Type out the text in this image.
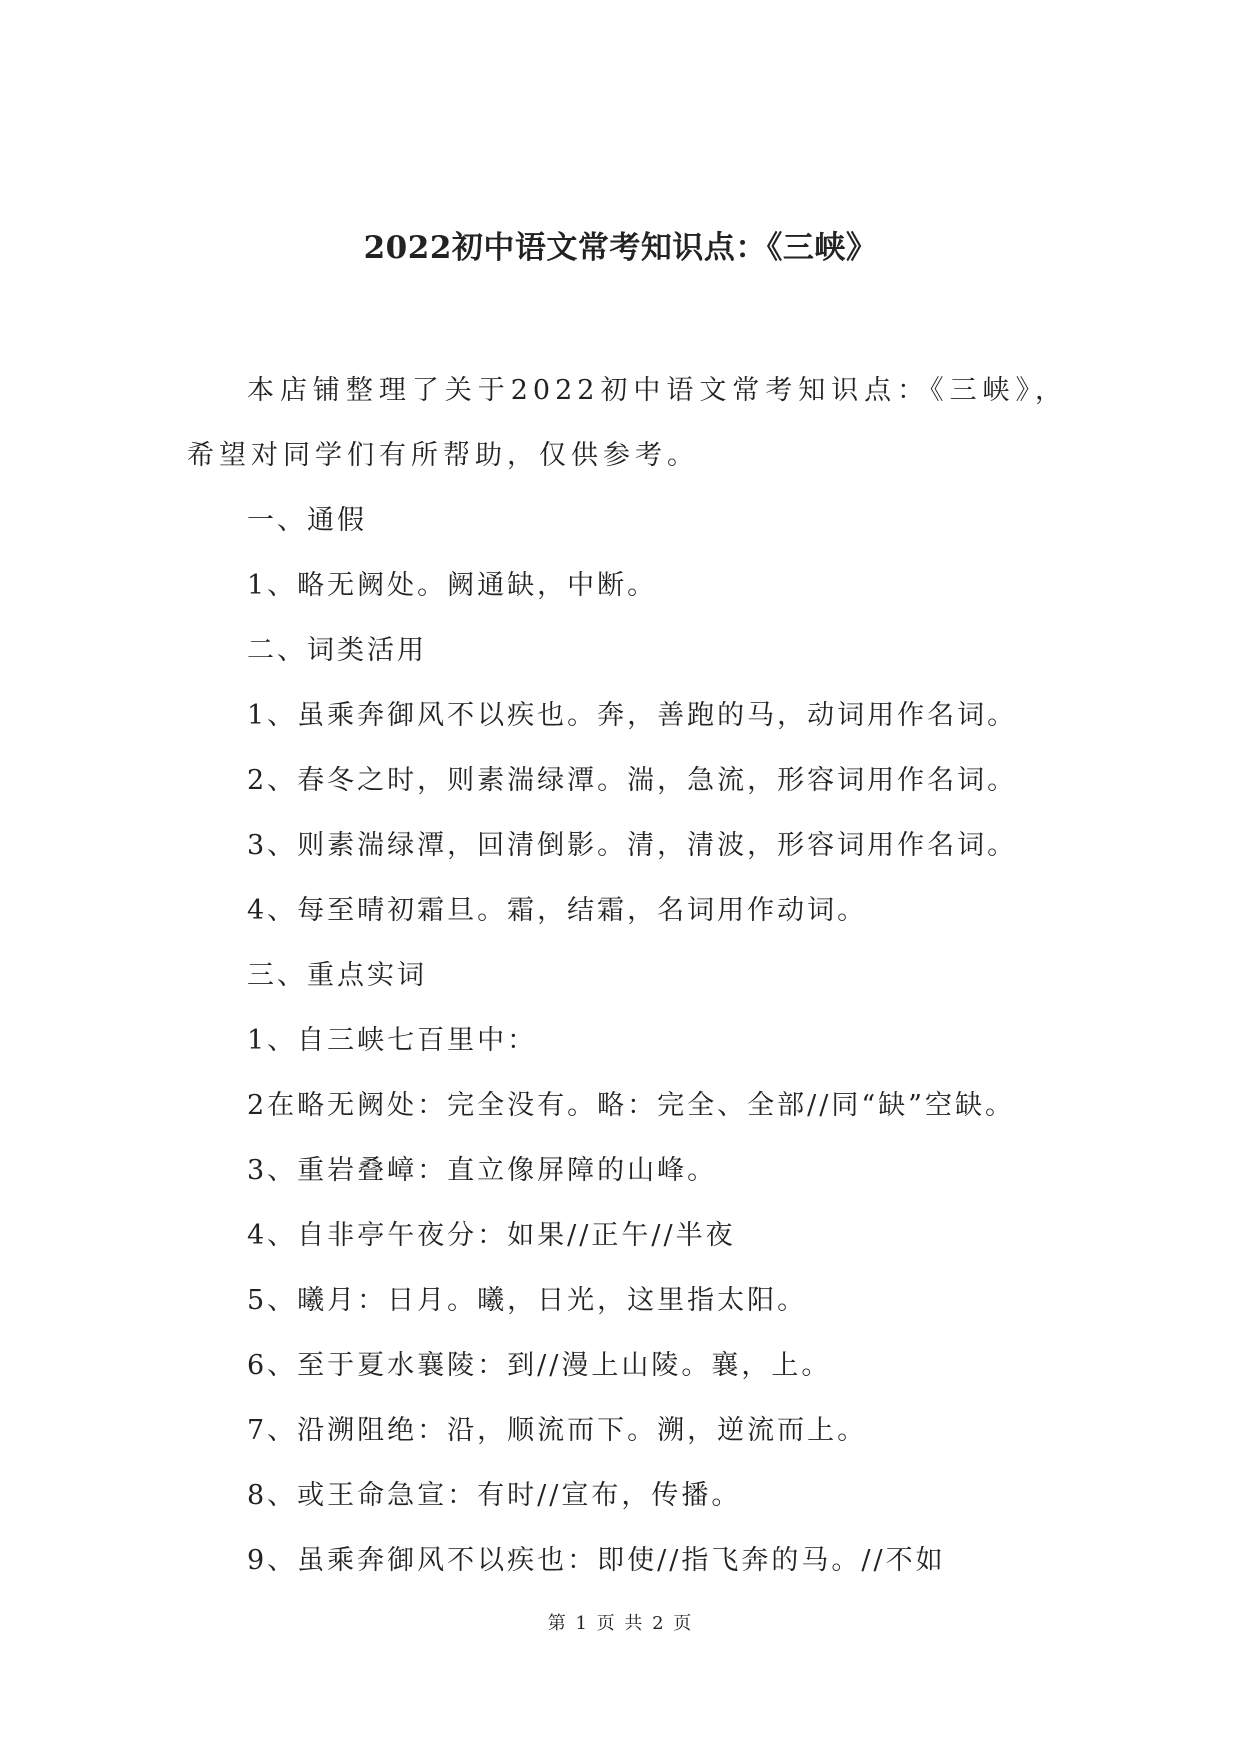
2022初中语文常考知识点：《三峡》

本店铺整理了关于2022初中语文常考知识点：《三峡》，希望对同学们有所帮助，仅供参考。

一、通假

1、略无阙处。阙通缺，中断。

二、词类活用

1、虽乘奔御风不以疾也。奔，善跑的马，动词用作名词。

2、春冬之时，则素湍绿潭。湍，急流，形容词用作名词。

3、则素湍绿潭，回清倒影。清，清波，形容词用作名词。

4、每至晴初霜旦。霜，结霜，名词用作动词。

三、重点实词

1、自三峡七百里中：

2在略无阙处：完全没有。略：完全、全部//同“缺”空缺。

3、重岩叠嶂：直立像屏障的山峰。

4、自非亭午夜分：如果//正午//半夜

5、曦月：日月。曦，日光，这里指太阳。

6、至于夏水襄陵：到//漫上山陵。襄，上。

7、沿溯阻绝：沿，顺流而下。溯，逆流而上。

8、或王命急宣：有时//宣布，传播。

9、虽乘奔御风不以疾也：即使//指飞奔的马。//不如

第 1 页 共 2 页
